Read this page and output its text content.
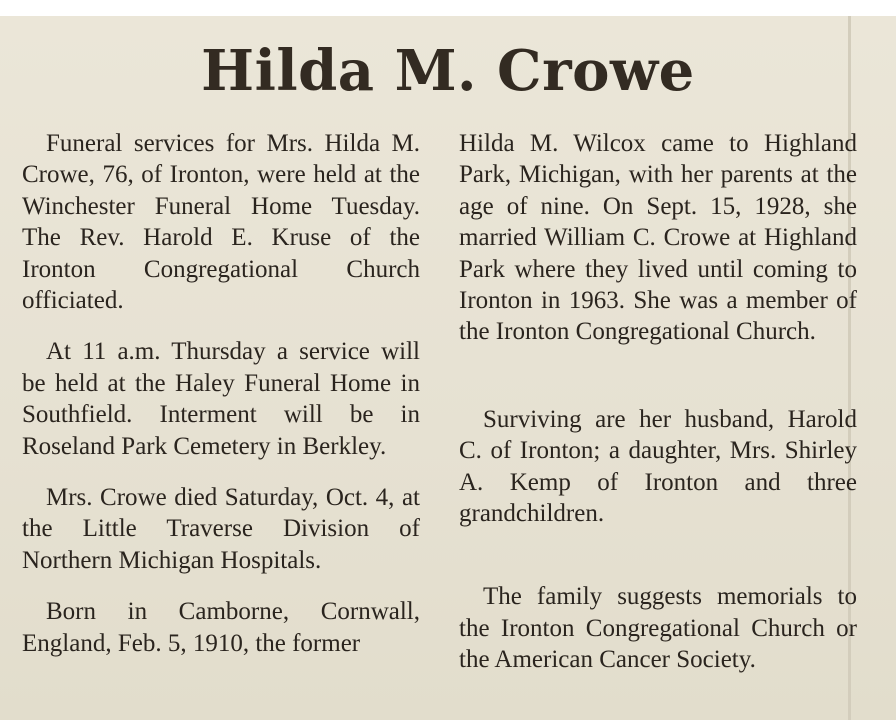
Hilda M. Crowe

Funeral services for Mrs. Hilda M. Crowe, 76, of Ironton, were held at the Winchester Funeral Home Tuesday. The Rev. Harold E. Kruse of the Ironton Congregational Church officiated.

At 11 a.m. Thursday a service will be held at the Haley Funeral Home in Southfield. Interment will be in Roseland Park Cemetery in Berkley.

Mrs. Crowe died Saturday, Oct. 4, at the Little Traverse Division of Northern Michigan Hospitals.

Born in Camborne, Cornwall, England, Feb. 5, 1910, the former

Hilda M. Wilcox came to Highland Park, Michigan, with her parents at the age of nine. On Sept. 15, 1928, she married William C. Crowe at Highland Park where they lived until coming to Ironton in 1963. She was a member of the Ironton Congregational Church.

Surviving are her husband, Harold C. of Ironton; a daughter, Mrs. Shirley A. Kemp of Ironton and three grandchildren.

The family suggests memorials to the Ironton Congregational Church or the American Cancer Society.
